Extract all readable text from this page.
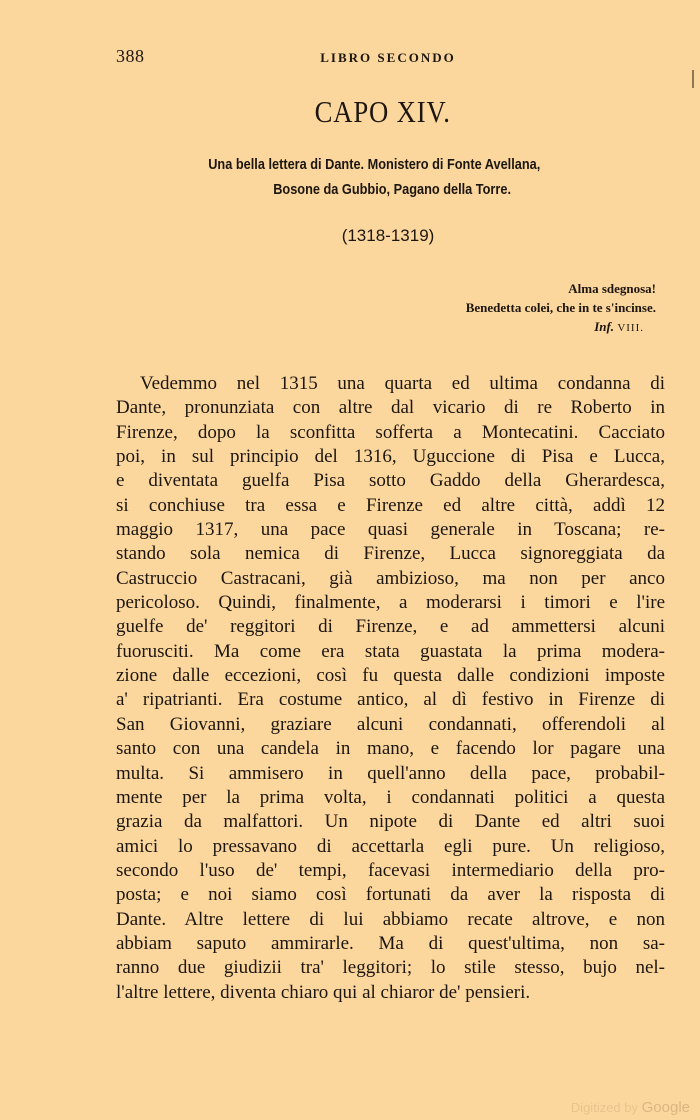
388	LIBRO SECONDO
CAPO XIV.
Una bella lettera di Dante. Monistero di Fonte Avellana,
Bosone da Gubbio, Pagano della Torre.
(1318-1319)
Alma sdegnosa!
Benedetta colei, che in te s'incinse.
Inf. VIII.
Vedemmo nel 1315 una quarta ed ultima condanna di
Dante, pronunziata con altre dal vicario di re Roberto in
Firenze, dopo la sconfitta sofferta a Montecatini. Cacciato
poi, in sul principio del 1316, Uguccione di Pisa e Lucca,
e diventata guelfa Pisa sotto Gaddo della Gherardesca,
si conchiuse tra essa e Firenze ed altre città, addì 12
maggio 1317, una pace quasi generale in Toscana; re-
stando sola nemica di Firenze, Lucca signoreggiata da
Castruccio Castracani, già ambizioso, ma non per anco
pericoloso. Quindi, finalmente, a moderarsi i timori e l'ire
guelfe de' reggitori di Firenze, e ad ammettersi alcuni
fuorusciti. Ma come era stata guastata la prima modera-
zione dalle eccezioni, così fu questa dalle condizioni imposte
a' ripatrianti. Era costume antico, al dì festivo in Firenze di
San Giovanni, graziare alcuni condannati, offerendoli al
santo con una candela in mano, e facendo lor pagare una
multa. Si ammisero in quell'anno della pace, probabil-
mente per la prima volta, i condannati politici a questa
grazia da malfattori. Un nipote di Dante ed altri suoi
amici lo pressavano di accettarla egli pure. Un religioso,
secondo l'uso de' tempi, facevasi intermediario della pro-
posta; e noi siamo così fortunati da aver la risposta di
Dante. Altre lettere di lui abbiamo recate altrove, e non
abbiam saputo ammirarle. Ma di quest'ultima, non sa-
ranno due giudizii tra' leggitori; lo stile stesso, bujo nel-
l'altre lettere, diventa chiaro qui al chiaror de' pensieri.
Digitized by Google
